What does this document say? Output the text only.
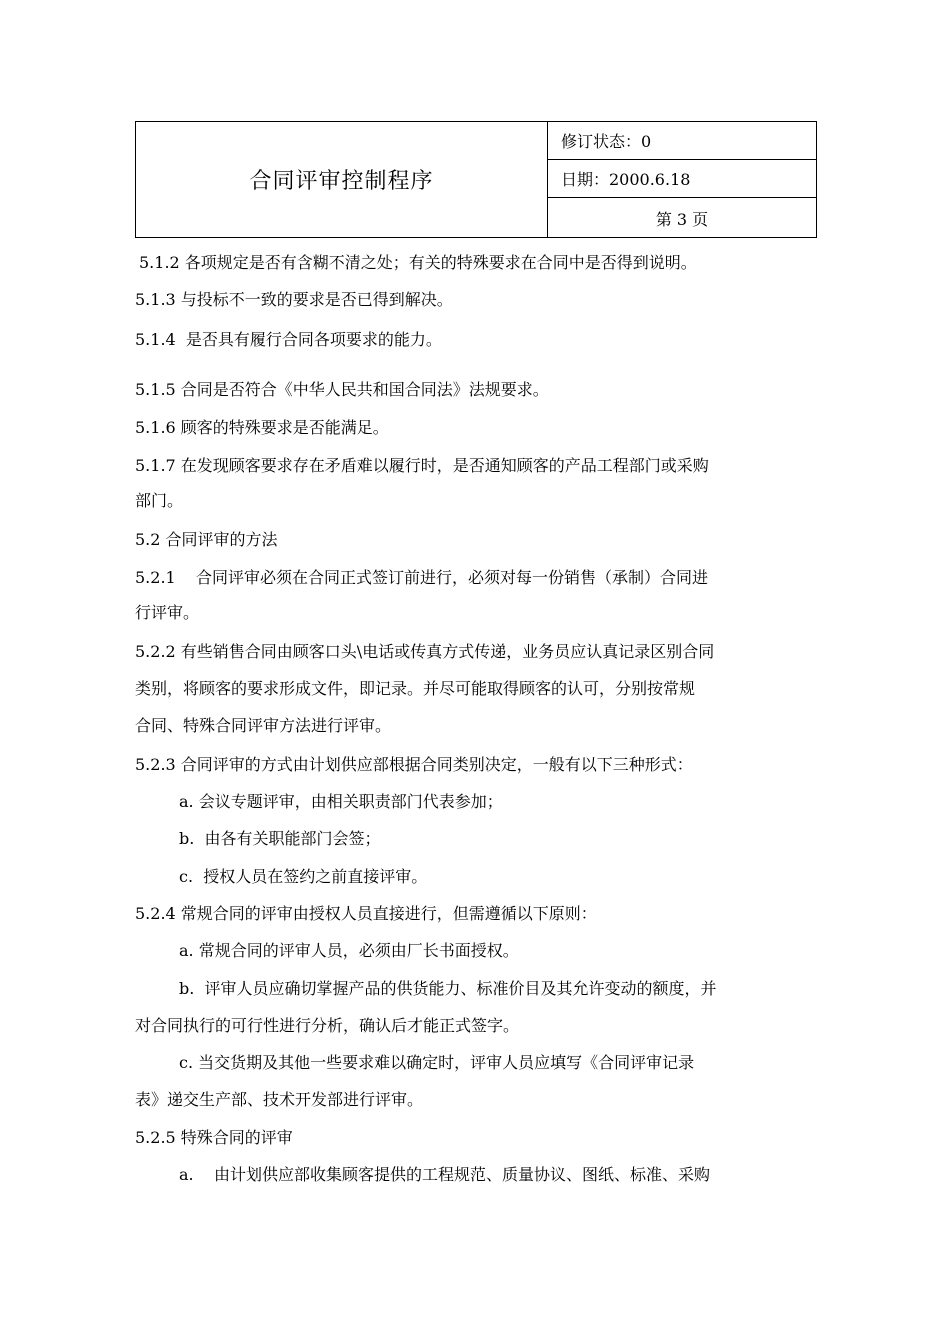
合同评审控制程序
修订状态：0
日期：2000.6.18
第 3 页
5.1.2 各项规定是否有含糊不清之处；有关的特殊要求在合同中是否得到说明。
5.1.3 与投标不一致的要求是否已得到解决。
5.1.4  是否具有履行合同各项要求的能力。
5.1.5 合同是否符合《中华人民共和国合同法》法规要求。
5.1.6 顾客的特殊要求是否能满足。
5.1.7 在发现顾客要求存在矛盾难以履行时，是否通知顾客的产品工程部门或采购
部门。
5.2 合同评审的方法
5.2.1    合同评审必须在合同正式签订前进行，必须对每一份销售（承制）合同进
行评审。
5.2.2 有些销售合同由顾客口头\电话或传真方式传递，业务员应认真记录区别合同
类别，将顾客的要求形成文件，即记录。并尽可能取得顾客的认可，分别按常规
合同、特殊合同评审方法进行评审。
5.2.3 合同评审的方式由计划供应部根据合同类别决定，一般有以下三种形式：
a. 会议专题评审，由相关职责部门代表参加；
b.  由各有关职能部门会签；
c.  授权人员在签约之前直接评审。
5.2.4 常规合同的评审由授权人员直接进行，但需遵循以下原则：
a. 常规合同的评审人员，必须由厂长书面授权。
b.  评审人员应确切掌握产品的供货能力、标准价目及其允许变动的额度，并
对合同执行的可行性进行分析，确认后才能正式签字。
c. 当交货期及其他一些要求难以确定时，评审人员应填写《合同评审记录
表》递交生产部、技术开发部进行评审。
5.2.5 特殊合同的评审
a.    由计划供应部收集顾客提供的工程规范、质量协议、图纸、标准、采购
